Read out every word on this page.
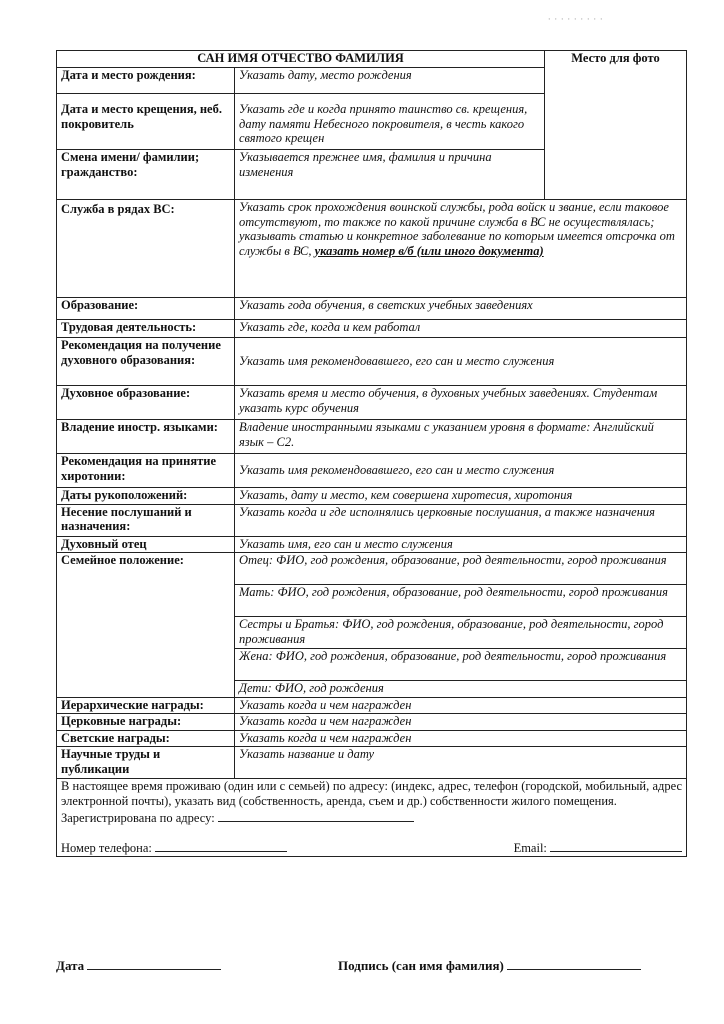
· · · · · · · · ·
САН ИМЯ ОТЧЕСТВО ФАМИЛИЯ		Место для фото
Дата и место рождения:	Указать дату, место рождения	
Дата и место крещения, неб. покровитель	Указать где и когда принято таинство св. крещения, дату памяти Небесного покровителя, в честь какого святого крещен	
Смена имени/ фамилии; гражданство:	Указывается прежнее имя, фамилия и причина изменения	
Служба в рядах ВС:	Указать срок прохождения воинской службы, рода войск и звание, если таковое отсутствуют, то также по какой причине служба в ВС не осуществлялась; указывать статью и конкретное заболевание по которым имеется отсрочка от службы в ВС, указать номер в/б (или иного документа)	
Образование:	Указать года обучения, в светских учебных заведениях	
Трудовая деятельность:	Указать где, когда и кем работал	
Рекомендация на получение духовного образования:	Указать имя рекомендовавшего, его сан и место служения	
Духовное образование:	Указать время и место обучения, в духовных учебных заведениях. Студентам указать курс обучения	
Владение иностр. языками:	Владение иностранными языками с указанием уровня в формате: Английский язык – С2.	
Рекомендация на принятие хиротонии:	Указать имя рекомендовавшего, его сан и место служения	
Даты рукоположений:	Указать, дату и место, кем совершена хиротесия, хиротония	
Несение послушаний и назначения:	Указать когда и где исполнялись церковные послушания, а также назначения	
Духовный отец	Указать имя, его сан и место служения	
Семейное положение:	Отец: ФИО, год рождения, образование, род деятельности, город проживания	
	Мать: ФИО, год рождения, образование, род деятельности, город проживания	
	Сестры и Братья: ФИО, год рождения, образование, род деятельности, город проживания	
	Жена: ФИО, год рождения, образование, род деятельности, город проживания	
	Дети: ФИО, год рождения	
Иерархические награды:	Указать когда и чем награжден	
Церковные награды:	Указать когда и чем награжден	
Светские награды:	Указать когда и чем награжден	
Научные труды и публикации	Указать название и дату	

В настоящее время проживаю (один или с семьей) по адресу: (индекс, адрес, телефон (городской, мобильный, адрес электронной почты), указать вид (собственность, аренда, съем и др.) собственности жилого помещения.
Зарегистрирована по адресу:
Номер телефона: Email:		
Дата	Подпись (сан имя фамилия)
